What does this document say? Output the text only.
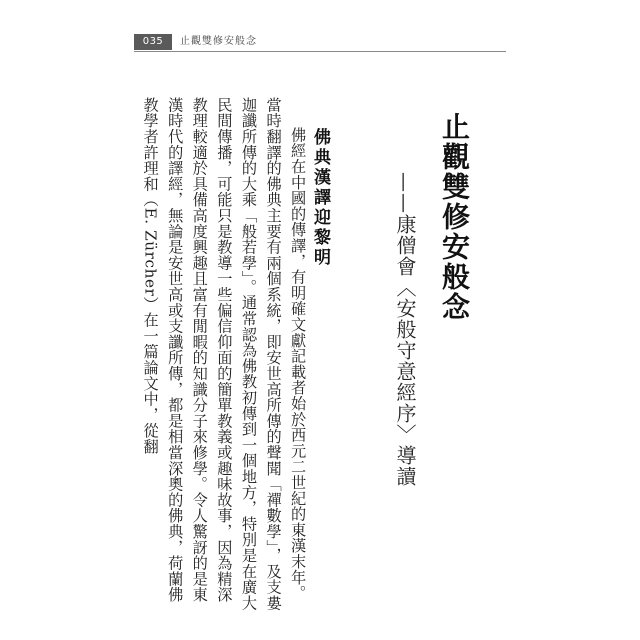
035	止觀雙修安般念
止觀雙修安般念
——康僧會〈安般守意經序〉導讀
佛典漢譯迎黎明

佛經在中國的傳譯，有明確文獻記載者始於西元二世紀的東漢末年。當時翻譯的佛典主要有兩個系統，即安世高所傳的聲聞「禪數學」，及支婁迦讖所傳的大乘「般若學」。通常認為佛教初傳到一個地方，特別是在廣大民間傳播，可能只是教導一些偏信仰面的簡單教義或趣味故事，因為精深教理較適於具備高度興趣且富有閒暇的知識分子來修學。令人驚訝的是東漢時代的譯經，無論是安世高或支讖所傳，都是相當深奧的佛典，荷蘭佛教學者許理和（E. Zürcher）在一篇論文中，從翻
